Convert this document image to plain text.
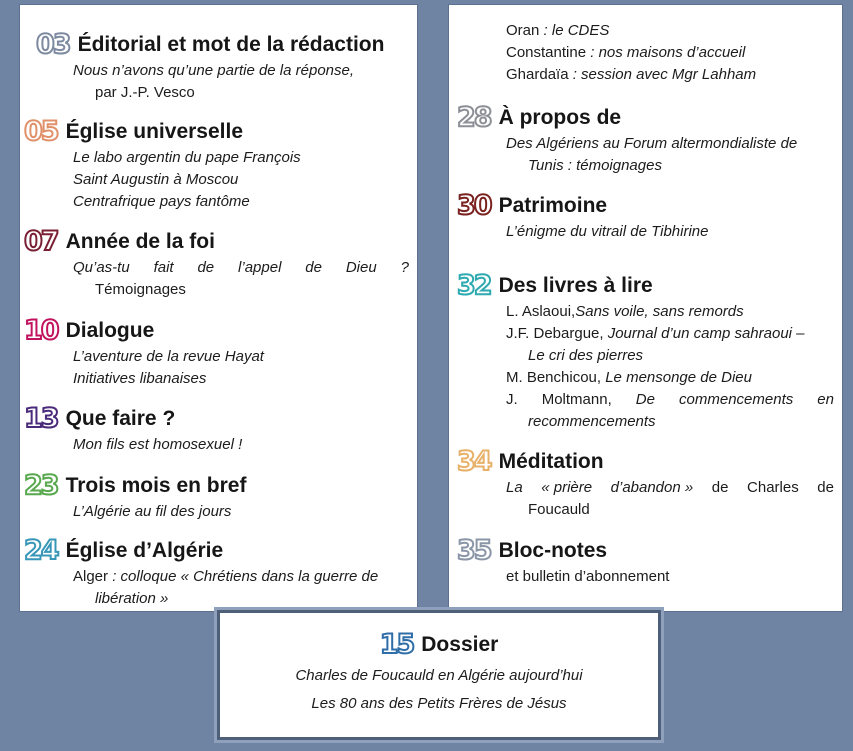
03 Éditorial et mot de la rédaction
Nous n’avons qu’une partie de la réponse,
par J.-P. Vesco
05 Église universelle
Le labo argentin du pape François
Saint Augustin à Moscou
Centrafrique pays fantôme
07 Année de la foi
Qu’as-tu fait de l’appel de Dieu ?
Témoignages
10 Dialogue
L’aventure de la revue Hayat
Initiatives libanaises
13 Que faire ?
Mon fils est homosexuel !
23 Trois mois en bref
L’Algérie au fil des jours
24 Église d’Algérie
Alger : colloque « Chrétiens dans la guerre de
libération »
Oran : le CDES
Constantine : nos maisons d’accueil
Ghardaïa : session avec Mgr Lahham
28 À propos de
Des Algériens au Forum altermondialiste de
Tunis : témoignages
30 Patrimoine
L’énigme du vitrail de Tibhirine
32 Des livres à lire
L. Aslaoui,Sans voile, sans remords
J.F. Debargue, Journal d’un camp sahraoui –
Le cri des pierres
M. Benchicou, Le mensonge de Dieu
J. Moltmann, De commencements en
recommencements
34 Méditation
La « prière d’abandon » de Charles de
Foucauld
35 Bloc-notes
et bulletin d’abonnement
15 Dossier
Charles de Foucauld en Algérie aujourd’hui
Les 80 ans des Petits Frères de Jésus
